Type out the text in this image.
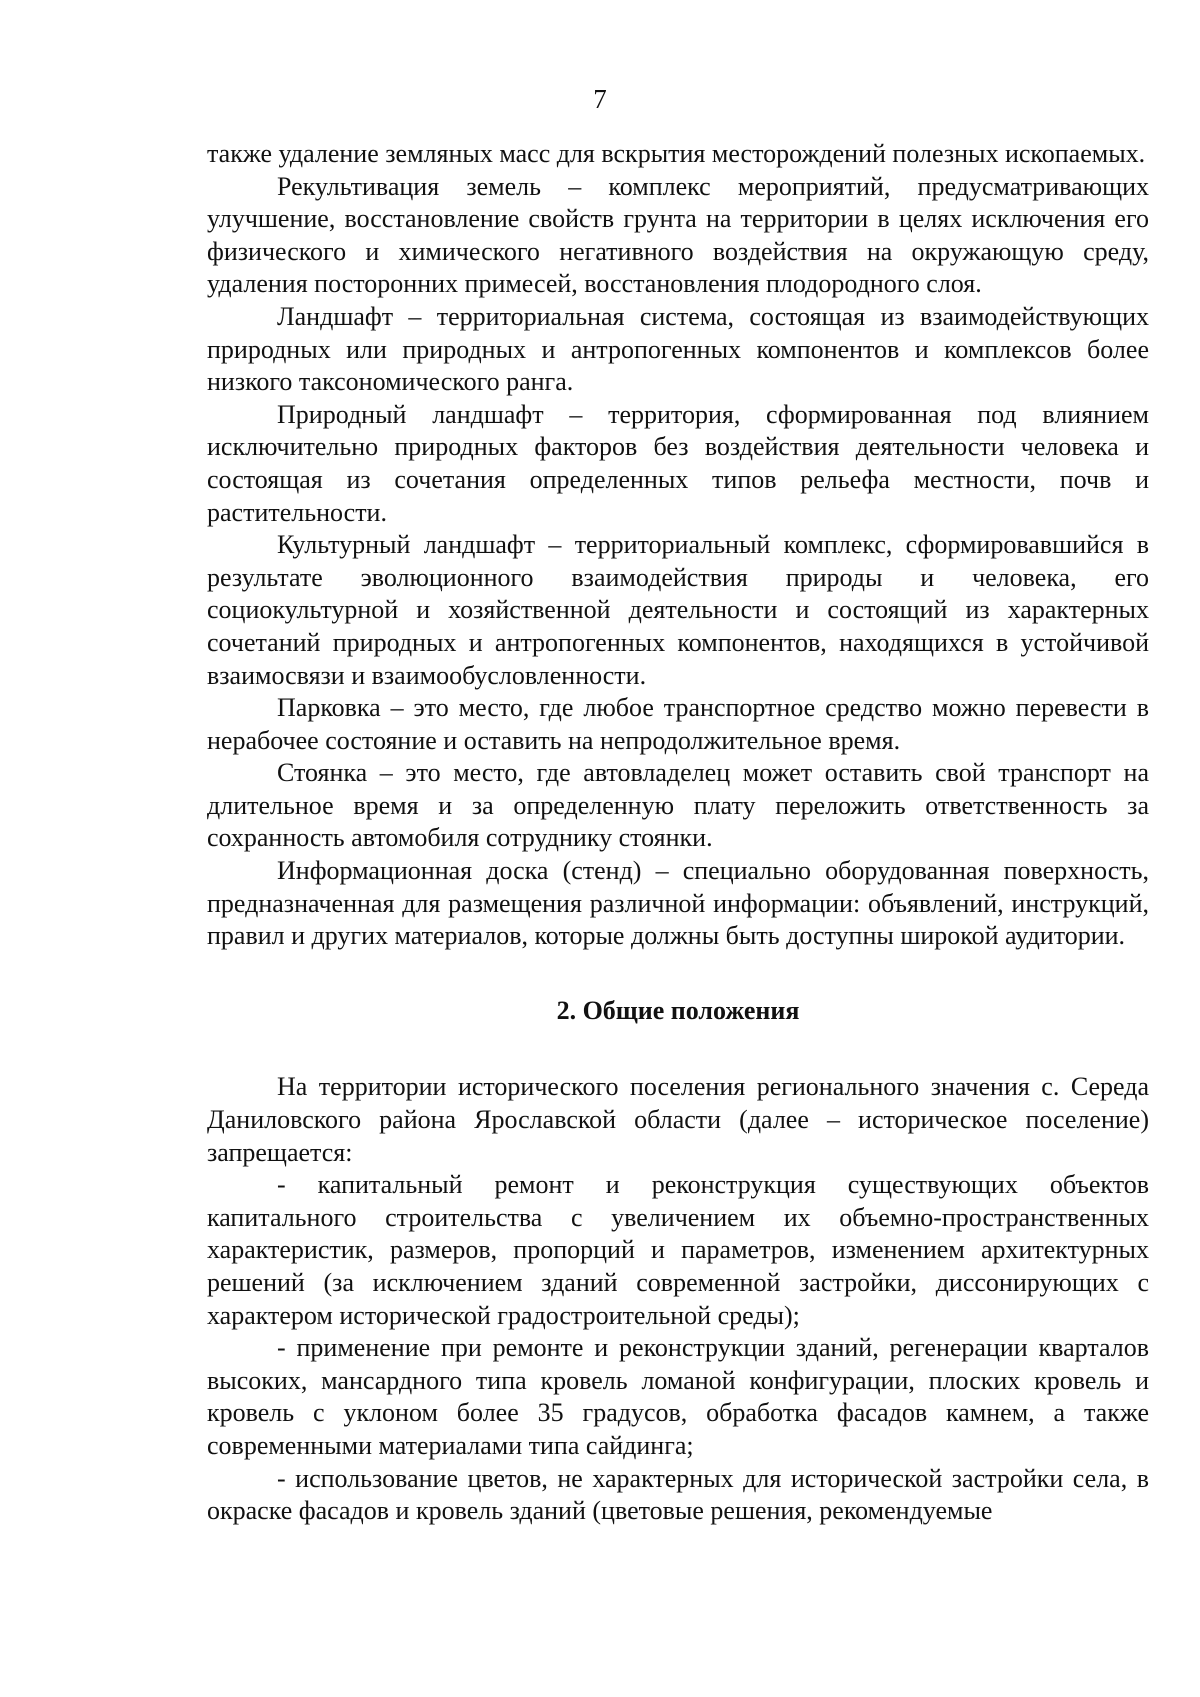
7

также удаление земляных масс для вскрытия месторождений полезных ископаемых.

Рекультивация земель – комплекс мероприятий, предусматривающих улучшение, восстановление свойств грунта на территории в целях исключения его физического и химического негативного воздействия на окружающую среду, удаления посторонних примесей, восстановления плодородного слоя.

Ландшафт – территориальная система, состоящая из взаимодействующих природных или природных и антропогенных компонентов и комплексов более низкого таксономического ранга.

Природный ландшафт – территория, сформированная под влиянием исключительно природных факторов без воздействия деятельности человека и состоящая из сочетания определенных типов рельефа местности, почв и растительности.

Культурный ландшафт – территориальный комплекс, сформировавшийся в результате эволюционного взаимодействия природы и человека, его социокультурной и хозяйственной деятельности и состоящий из характерных сочетаний природных и антропогенных компонентов, находящихся в устойчивой взаимосвязи и взаимообусловленности.

Парковка – это место, где любое транспортное средство можно перевести в нерабочее состояние и оставить на непродолжительное время.

Стоянка – это место, где автовладелец может оставить свой транспорт на длительное время и за определенную плату переложить ответственность за сохранность автомобиля сотруднику стоянки.

Информационная доска (стенд) – специально оборудованная поверхность, предназначенная для размещения различной информации: объявлений, инструкций, правил и других материалов, которые должны быть доступны широкой аудитории.

2. Общие положения

На территории исторического поселения регионального значения с. Середа Даниловского района Ярославской области (далее – историческое поселение) запрещается:

- капитальный ремонт и реконструкция существующих объектов капитального строительства с увеличением их объемно-пространственных характеристик, размеров, пропорций и параметров, изменением архитектурных решений (за исключением зданий современной застройки, диссонирующих с характером исторической градостроительной среды);

- применение при ремонте и реконструкции зданий, регенерации кварталов высоких, мансардного типа кровель ломаной конфигурации, плоских кровель и кровель с уклоном более 35 градусов, обработка фасадов камнем, а также современными материалами типа сайдинга;

- использование цветов, не характерных для исторической застройки села, в окраске фасадов и кровель зданий (цветовые решения, рекомендуемые
